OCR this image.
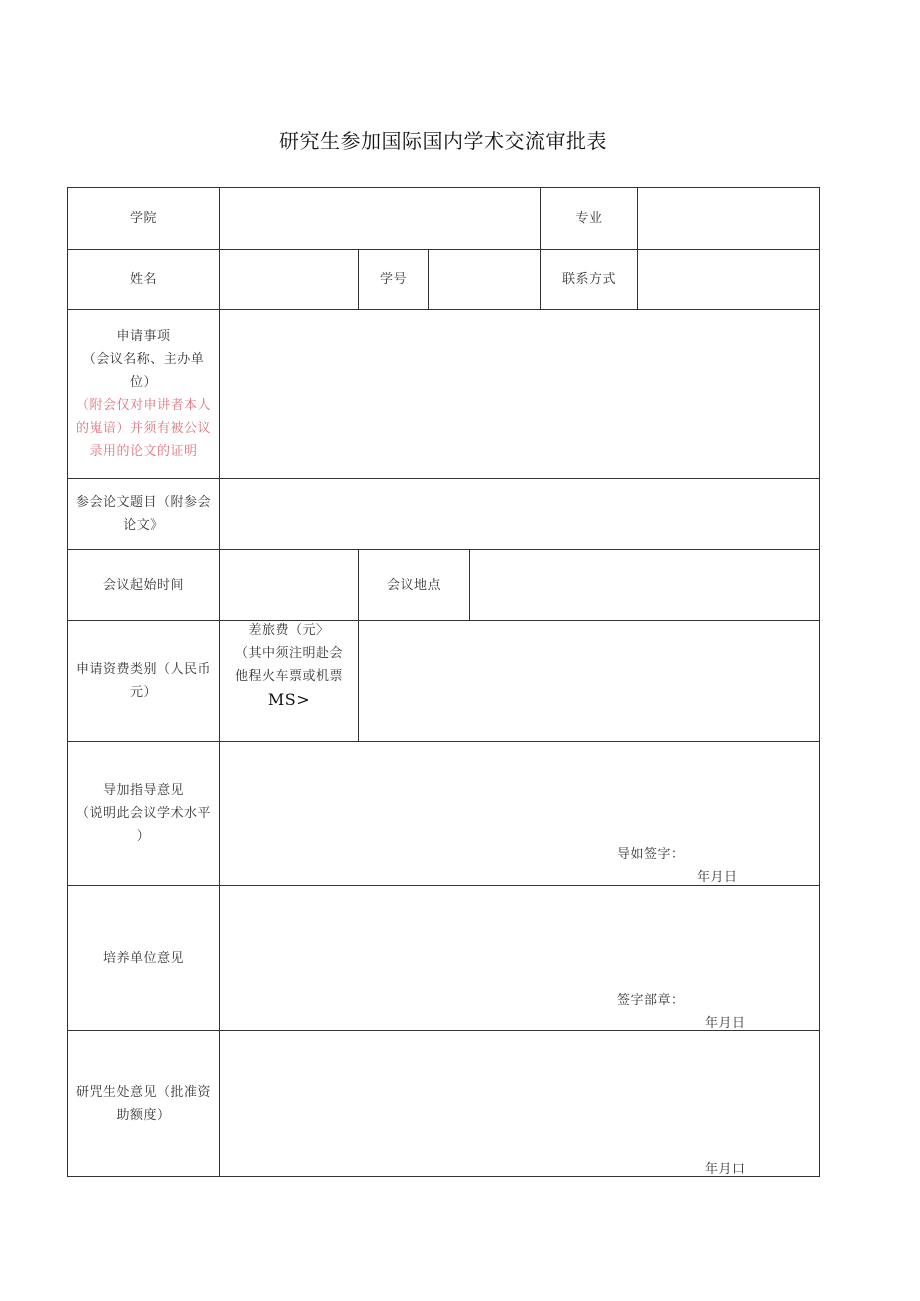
研究生参加国际国内学术交流审批表
学院	专业
姓名	学号	联系方式
申请事项
（会议名称、主办单
位）
（附会仅对申讲者本人
的嵬谙）并须有被公议
录用的论文的证明
参会论文题目（附参会
论文》
会议起始时间	会议地点
申请资费类别（人民币
元）
差旅费（元〉
（其中须注明赴会
他程火车票或机票
MS>
导加指导意见
（说明此会议学术水平
）
导如签字：
年月日
培养单位意见
签字部章：
年月日
研咒生处意见（批准资
助额度）
年月口
